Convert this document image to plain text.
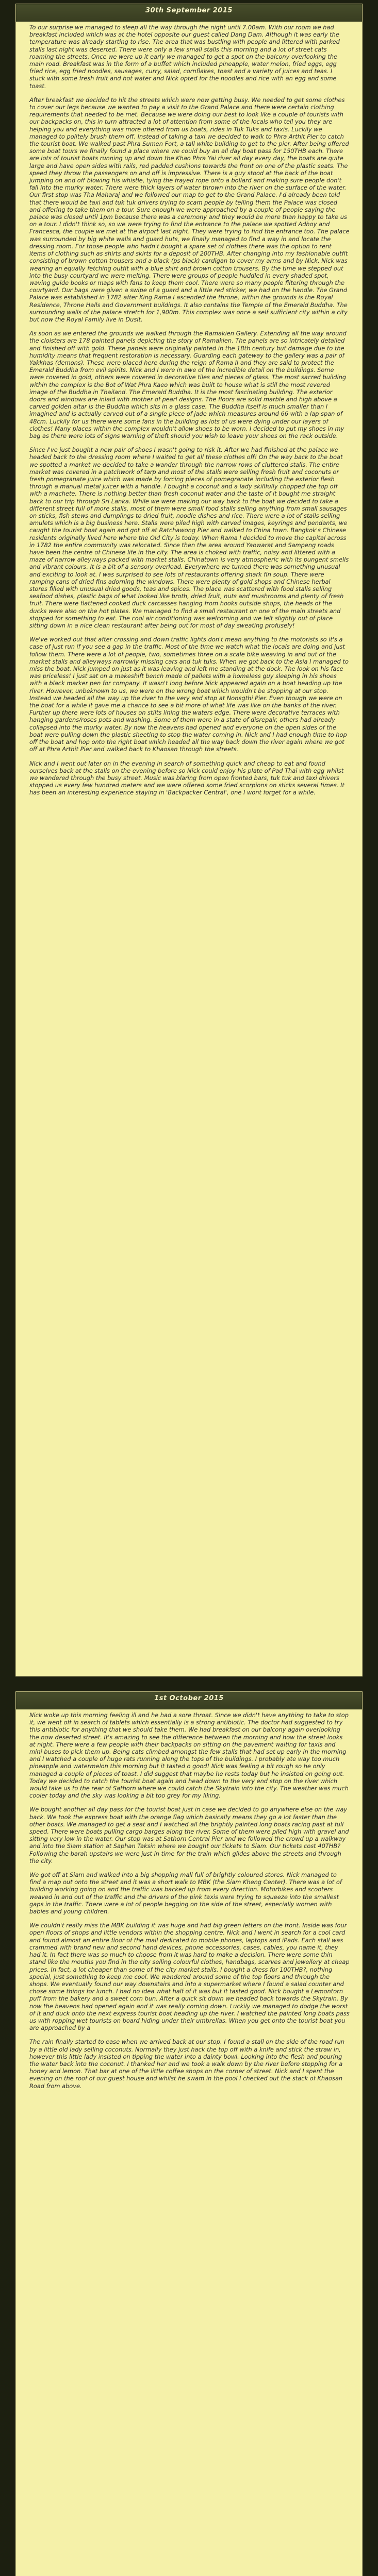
30th September 2015

To our surprise we managed to sleep all the way through the night until 7.00am. With our room we had breakfast included which was at the hotel opposite our guest called Dang Dam. Although it was early the temperature was already starting to rise. The area that was bustling with people and littered with parked stalls last night was deserted. There were only a few small stalls this morning and a lot of street cats roaming the streets. Once we were up it early we managed to get a spot on the balcony overlooking the main road. Breakfast was in the form of a buffet which included pineapple, water melon, fried eggs, egg fried rice, egg fried noodles, sausages, curry, salad, cornflakes, toast and a variety of juices and teas. I stuck with some fresh fruit and hot water and Nick opted for the noodles and rice with an egg and some toast.

After breakfast we decided to hit the streets which were now getting busy. We needed to get some clothes to cover our legs because we wanted to pay a visit to the Grand Palace and there were certain clothing requirements that needed to be met. Because we were doing our best to look like a couple of tourists with our backpacks on, this in turn attracted a lot of attention from some of the locals who tell you they are helping you and everything was more offered from us boats, rides in Tuk Tuks and taxis. Luckily we managed to politely brush them off. Instead of taking a taxi we decided to walk to Phra Arthit Pier to catch the tourist boat. We walked past Phra Sumen Fort, a tall white building to get to the pier. After being offered some boat tours we finally found a place where we could buy an all day boat pass for 150THB each. There are lots of tourist boats running up and down the Khao Phra Yai river all day every day, the boats are quite large and have open sides with rails, red padded cushions towards the front on one of the plastic seats. The speed they throw the passengers on and off is impressive. There is a guy stood at the back of the boat jumping on and off blowing his whistle, tying the frayed rope onto a bollard and making sure people don't fall into the murky water. There were thick layers of water thrown into the river on the surface of the water. Our first stop was Tha Maharaj and we followed our map to get to the Grand Palace. I'd already been told that there would be taxi and tuk tuk drivers trying to scam people by telling them the Palace was closed and offering to take them on a tour. Sure enough we were approached by a couple of people saying the palace was closed until 1pm because there was a ceremony and they would be more than happy to take us on a tour. I didn't think so, so we were trying to find the entrance to the palace we spotted Adhoy and Francesca, the couple we met at the airport last night. They were trying to find the entrance too. The palace was surrounded by big white walls and guard huts, we finally managed to find a way in and locate the dressing room. For those people who hadn't bought a spare set of clothes there was the option to rent items of clothing such as shirts and skirts for a deposit of 200THB. After changing into my fashionable outfit consisting of brown cotton trousers and a black (ps black) cardigan to cover my arms and by Nick, Nick was wearing an equally fetching outfit with a blue shirt and brown cotton trousers. By the time we stepped out into the busy courtyard we were melting. There were groups of people huddled in every shaded spot, waving guide books or maps with fans to keep them cool. There were so many people filtering through the courtyard. Our bags were given a swipe of a guard and a little red sticker, we had on the handle. The Grand Palace was established in 1782 after King Rama I ascended the throne, within the grounds is the Royal Residence, Throne Halls and Government buildings. It also contains the Temple of the Emerald Buddha. The surrounding walls of the palace stretch for 1,900m. This complex was once a self sufficient city within a city but now the Royal Family live in Dusit.

As soon as we entered the grounds we walked through the Ramakien Gallery. Extending all the way around the cloisters are 178 painted panels depicting the story of Ramakien. The panels are so intricately detailed and finished off with gold. These panels were originally painted in the 18th century but damage due to the humidity means that frequent restoration is necessary. Guarding each gateway to the gallery was a pair of Yakkhas (demons). These were placed here during the reign of Rama II and they are said to protect the Emerald Buddha from evil spirits. Nick and I were in awe of the incredible detail on the buildings. Some were covered in gold, others were covered in decorative tiles and pieces of glass. The most sacred building within the complex is the Bot of Wat Phra Kaeo which was built to house what is still the most revered image of the Buddha in Thailand. The Emerald Buddha. It is the most fascinating building. The exterior doors and windows are inlaid with mother of pearl designs. The floors are solid marble and high above a carved golden altar is the Buddha which sits in a glass case. The Buddha itself is much smaller than I imagined and is actually carved out of a single piece of jade which measures around 66 with a lap span of 48cm. Luckily for us there were some fans in the building as lots of us were dying under our layers of clothes! Many places within the complex wouldn't allow shoes to be worn. I decided to put my shoes in my bag as there were lots of signs warning of theft should you wish to leave your shoes on the rack outside.

Since I've just bought a new pair of shoes I wasn't going to risk it. After we had finished at the palace we headed back to the dressing room where I waited to get all these clothes off! On the way back to the boat we spotted a market we decided to take a wander through the narrow rows of cluttered stalls. The entire market was covered in a patchwork of tarp and most of the stalls were selling fresh fruit and coconuts or fresh pomegranate juice which was made by forcing pieces of pomegranate including the exterior flesh through a manual metal juicer with a handle. I bought a coconut and a lady skillfully chopped the top off with a machete. There is nothing better than fresh coconut water and the taste of it bought me straight back to our trip through Sri Lanka. While we were making our way back to the boat we decided to take a different street full of more stalls, most of them were small food stalls selling anything from small sausages on sticks, fish stews and dumplings to dried fruit, noodle dishes and rice. There were a lot of stalls selling amulets which is a big business here. Stalls were piled high with carved images, keyrings and pendants, we caught the tourist boat again and got off at Ratchawong Pier and walked to China town. Bangkok's Chinese residents originally lived here where the Old City is today. When Rama I decided to move the capital across in 1782 the entire community was relocated. Since then the area around Yaowarat and Sampeng roads have been the centre of Chinese life in the city. The area is choked with traffic, noisy and littered with a maze of narrow alleyways packed with market stalls. Chinatown is very atmospheric with its pungent smells and vibrant colours. It is a bit of a sensory overload. Everywhere we turned there was something unusual and exciting to look at. I was surprised to see lots of restaurants offering shark fin soup. There were ramping cans of dried fins adorning the windows. There were plenty of gold shops and Chinese herbal stores filled with unusual dried goods, teas and spices. The place was scattered with food stalls selling seafood dishes, plastic bags of what looked like broth, dried fruit, nuts and mushrooms and plenty of fresh fruit. There were flattened cooked duck carcasses hanging from hooks outside shops, the heads of the ducks were also on the hot plates. We managed to find a small restaurant on one of the main streets and stopped for something to eat. The cool air conditioning was welcoming and we felt slightly out of place sitting down in a nice clean restaurant after being out for most of day sweating profusely!

We've worked out that after crossing and down traffic lights don't mean anything to the motorists so it's a case of just run if you see a gap in the traffic. Most of the time we watch what the locals are doing and just follow them. There were a lot of people, two, sometimes three on a scale bike weaving in and out of the market stalls and alleyways narrowly missing cars and tuk tuks. When we got back to the Asia I managed to miss the boat. Nick jumped on just as it was leaving and left me standing at the dock. The look on his face was priceless! I just sat on a makeshift bench made of pallets with a homeless guy sleeping in his shoes with a black marker pen for company. It wasn't long before Nick appeared again on a boat heading up the river. However, unbeknown to us, we were on the wrong boat which wouldn't be stopping at our stop. Instead we headed all the way up the river to the very end stop at Nonsgthi Pier. Even though we were on the boat for a while it gave me a chance to see a bit more of what life was like on the banks of the river. Further up there were lots of houses on stilts lining the waters edge. There were decorative terraces with hanging gardens/roses pots and washing. Some of them were in a state of disrepair, others had already collapsed into the murky water. By now the heavens had opened and everyone on the open sides of the boat were pulling down the plastic sheeting to stop the water coming in. Nick and I had enough time to hop off the boat and hop onto the right boat which headed all the way back down the river again where we got off at Phra Arthit Pier and walked back to Khaosan through the streets.

Nick and I went out later on in the evening in search of something quick and cheap to eat and found ourselves back at the stalls on the evening before so Nick could enjoy his plate of Pad Thai with egg whilst we wandered through the busy street. Music was blaring from open fronted bars, tuk tuk and taxi drivers stopped us every few hundred meters and we were offered some fried scorpions on sticks several times. It has been an interesting experience staying in 'Backpacker Central', one I wont forget for a while.

1st October 2015

Nick woke up this morning feeling ill and he had a sore throat. Since we didn't have anything to take to stop it, we went off in search of tablets which essentially is a strong antibiotic. The doctor had suggested to try this antibiotic for anything that we should take them. We had breakfast on our balcony again overlooking the now deserted street. It's amazing to see the difference between the morning and how the street looks at night. There were a few people with their backpacks on sitting on the pavement waiting for taxis and mini buses to pick them up. Being cats climbed amongst the few stalls that had set up early in the morning and I watched a couple of huge rats running along the tops of the buildings. I probably ate way too much pineapple and watermelon this morning but it tasted o good! Nick was feeling a bit rough so he only managed a couple of pieces of toast. I did suggest that maybe he rests today but he insisted on going out. Today we decided to catch the tourist boat again and head down to the very end stop on the river which would take us to the rear of Sathorn where we could catch the Skytrain into the city. The weather was much cooler today and the sky was looking a bit too grey for my liking.

We bought another all day pass for the tourist boat just in case we decided to go anywhere else on the way back. We took the express boat with the orange flag which basically means they go a lot faster than the other boats. We managed to get a seat and I watched all the brightly painted long boats racing past at full speed. There were boats pulling cargo barges along the river. Some of them were piled high with gravel and sitting very low in the water. Our stop was at Sathorn Central Pier and we followed the crowd up a walkway and into the Siam station at Saphan Taksin where we bought our tickets to Siam. Our tickets cost 40THB? Following the barah upstairs we were just in time for the train which glides above the streets and through the city.

We got off at Siam and walked into a big shopping mall full of brightly coloured stores. Nick managed to find a map out onto the street and it was a short walk to MBK (the Siam Kheng Center). There was a lot of building working going on and the traffic was backed up from every direction. Motorbikes and scooters weaved in and out of the traffic and the drivers of the pink taxis were trying to squeeze into the smallest gaps in the traffic. There were a lot of people begging on the side of the street, especially women with babies and young children.

We couldn't really miss the MBK building it was huge and had big green letters on the front. Inside was four open floors of shops and little vendors within the shopping centre. Nick and I went in search for a cool card and found almost an entire floor of the mall dedicated to mobile phones, laptops and iPads. Each stall was crammed with brand new and second hand devices, phone accessories, cases, cables, you name it, they had it. In fact there was so much to choose from it was hard to make a decision. There were some thin stand like the mouths you find in the city selling colourful clothes, handbags, scarves and jewellery at cheap prices. In fact, a lot cheaper than some of the city market stalls. I bought a dress for 100THB?, nothing special, just something to keep me cool. We wandered around some of the top floors and through the shops. We eventually found our way downstairs and into a supermarket where I found a salad counter and chose some things for lunch. I had no idea what half of it was but it tasted good. Nick bought a Lemontorn puff from the bakery and a sweet corn bun. After a quick sit down we headed back towards the Skytrain. By now the heavens had opened again and it was really coming down. Luckily we managed to dodge the worst of it and duck onto the next express tourist boat heading up the river. I watched the painted long boats pass us with ropping wet tourists on board hiding under their umbrellas. When you get onto the tourist boat you are approached by a

The rain finally started to ease when we arrived back at our stop. I found a stall on the side of the road run by a little old lady selling coconuts. Normally they just hack the top off with a knife and stick the straw in, however this little lady insisted on tipping the water into a dainty bowl. Looking into the flesh and pouring the water back into the coconut. I thanked her and we took a walk down by the river before stopping for a honey and lemon. That bar at one of the little coffee shops on the corner of street. Nick and I spent the evening on the roof of our guest house and whilst he swam in the pool I checked out the stack of Khaosan Road from above.
